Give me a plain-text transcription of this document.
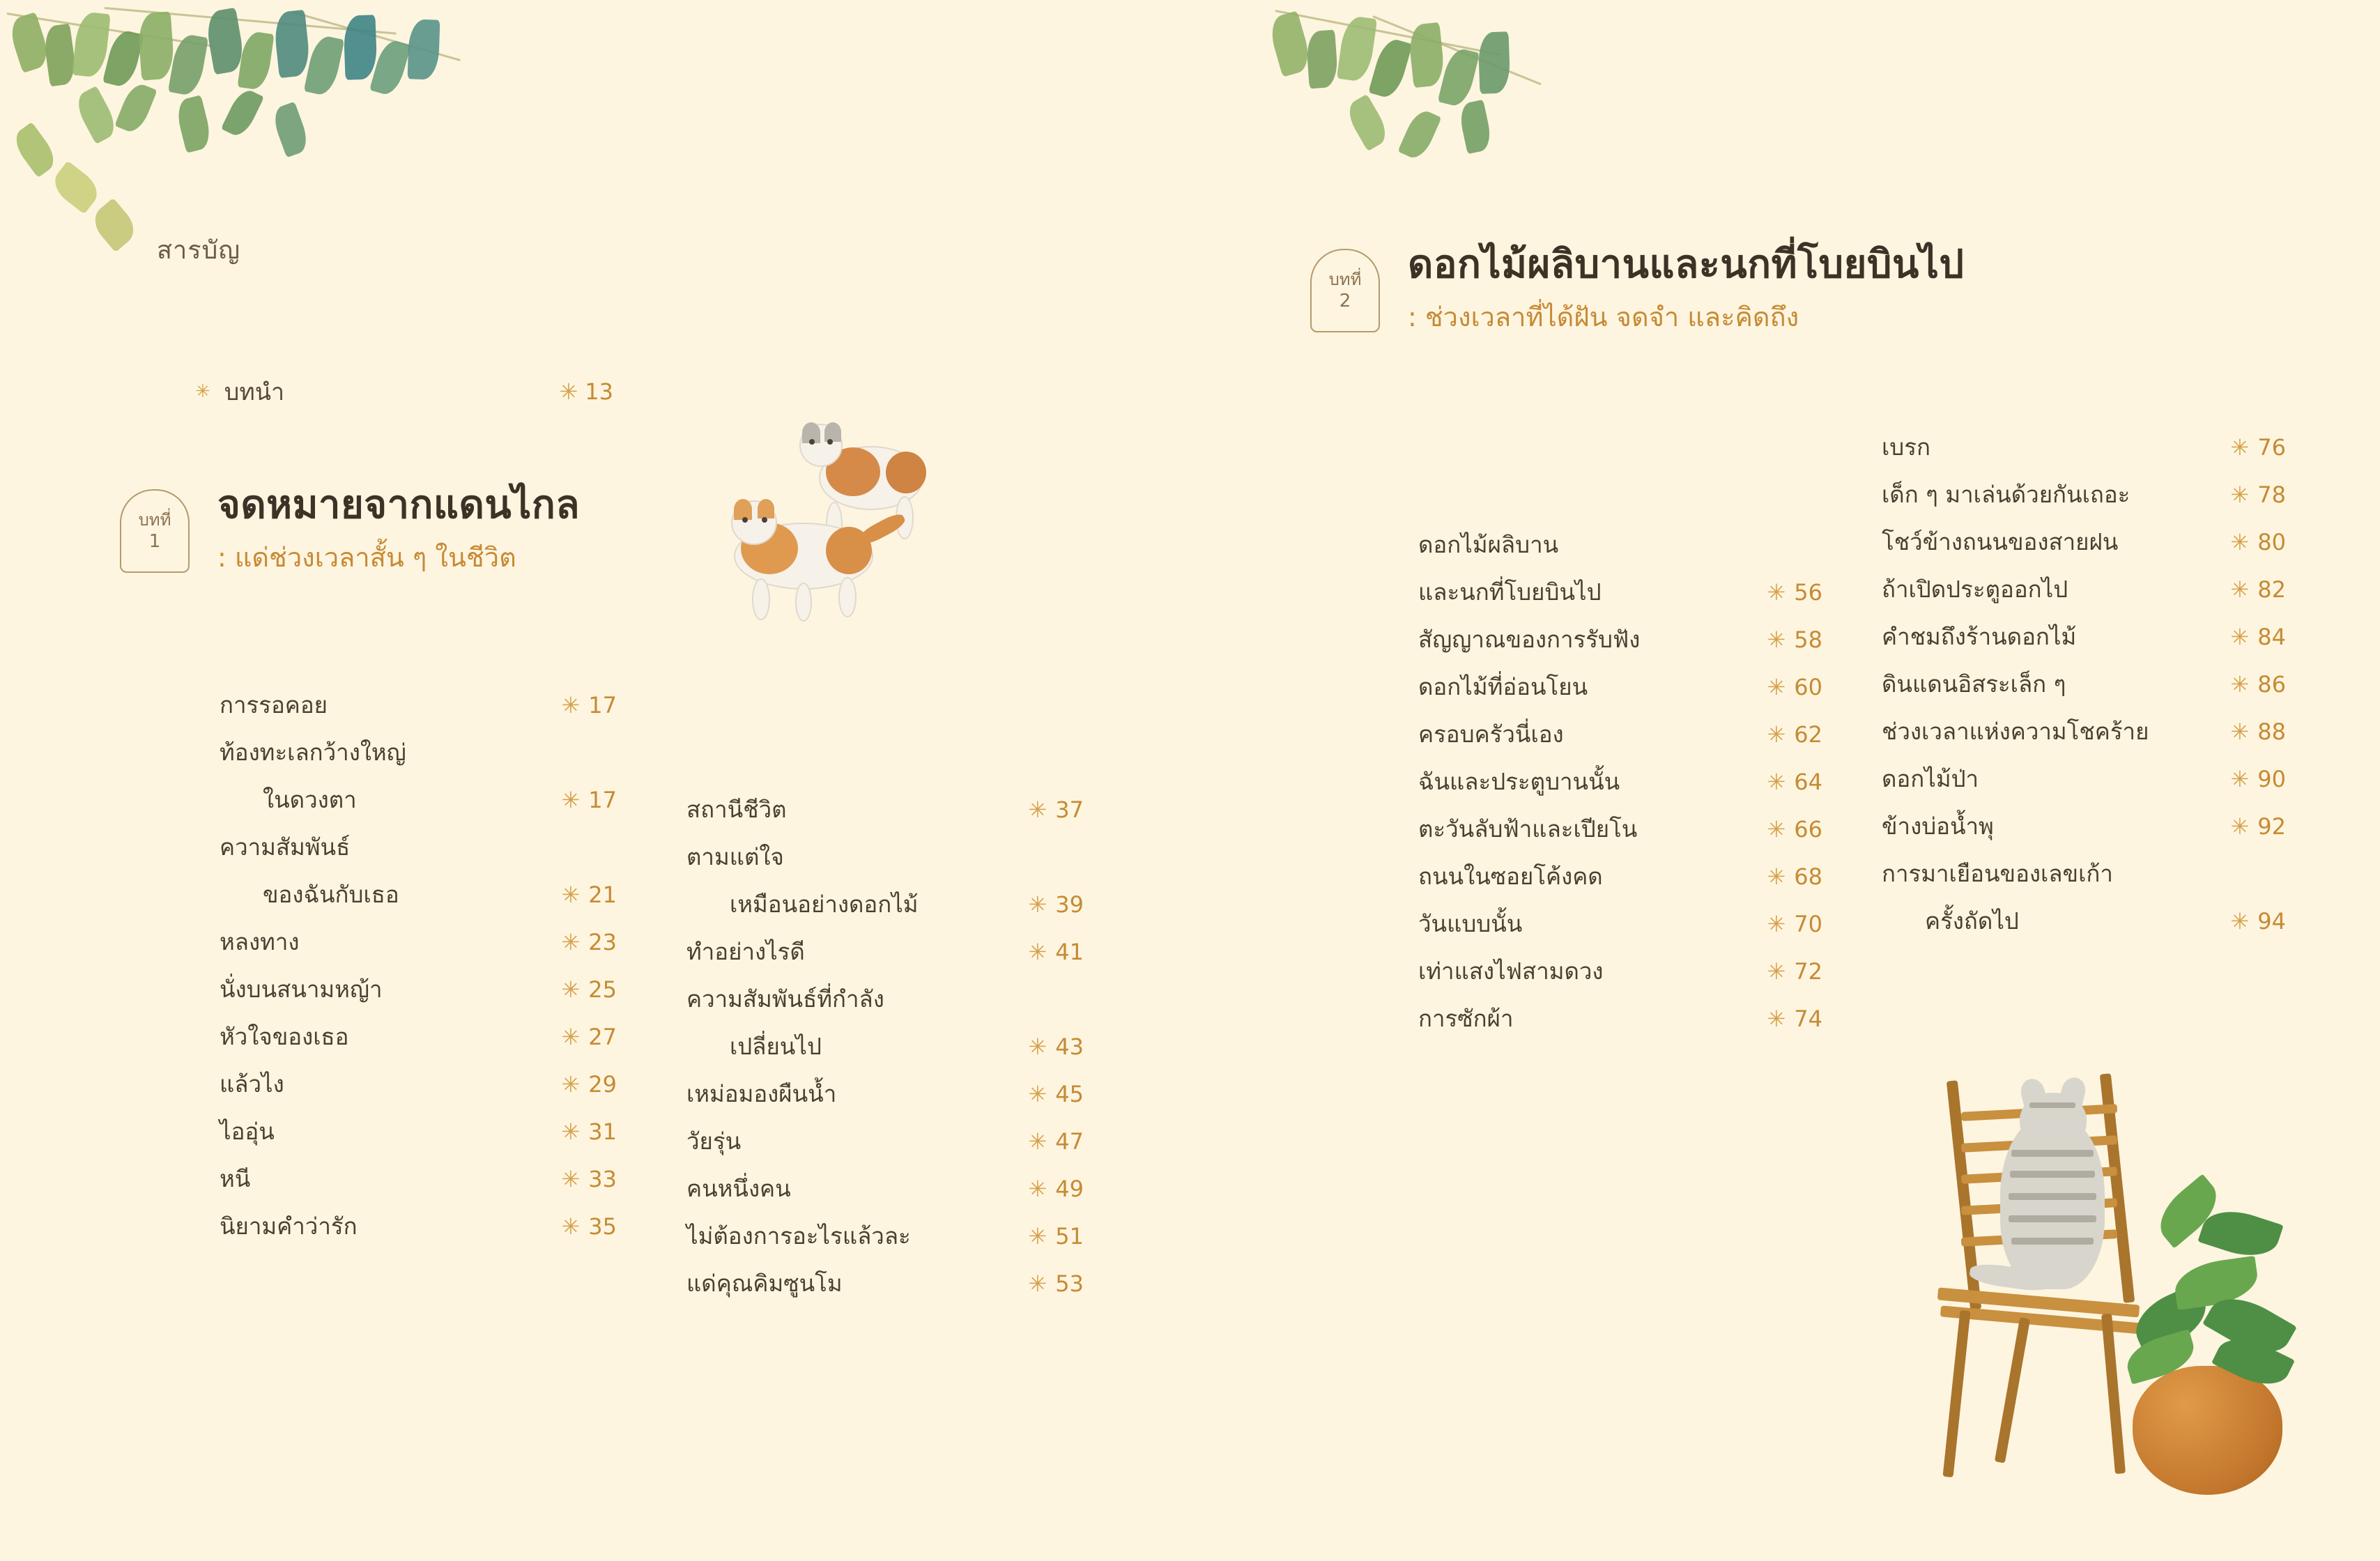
สารบัญ
✳ บทนำ	✳ 13
บทที่
1
จดหมายจากแดนไกล
: แด่ช่วงเวลาสั้น ๆ ในชีวิต
การรอคอย	✳ 17
ท้องทะเลกว้างใหญ่
ในดวงตา	✳ 17
ความสัมพันธ์
ของฉันกับเธอ	✳ 21
หลงทาง	✳ 23
นั่งบนสนามหญ้า	✳ 25
หัวใจของเธอ	✳ 27
แล้วไง	✳ 29
ไออุ่น	✳ 31
หนี	✳ 33
นิยามคำว่ารัก	✳ 35
สถานีชีวิต	✳ 37
ตามแต่ใจ
เหมือนอย่างดอกไม้	✳ 39
ทำอย่างไรดี	✳ 41
ความสัมพันธ์ที่กำลัง
เปลี่ยนไป	✳ 43
เหม่อมองผืนน้ำ	✳ 45
วัยรุ่น	✳ 47
คนหนึ่งคน	✳ 49
ไม่ต้องการอะไรแล้วละ	✳ 51
แด่คุณคิมซูนโม	✳ 53
บทที่
2
ดอกไม้ผลิบานและนกที่โบยบินไป
: ช่วงเวลาที่ได้ฝัน จดจำ และคิดถึง
ดอกไม้ผลิบาน
และนกที่โบยบินไป	✳ 56
สัญญาณของการรับฟัง	✳ 58
ดอกไม้ที่อ่อนโยน	✳ 60
ครอบครัวนี่เอง	✳ 62
ฉันและประตูบานนั้น	✳ 64
ตะวันลับฟ้าและเปียโน	✳ 66
ถนนในซอยโค้งคด	✳ 68
วันแบบนั้น	✳ 70
เท่าแสงไฟสามดวง	✳ 72
การซักผ้า	✳ 74
เบรก	✳ 76
เด็ก ๆ มาเล่นด้วยกันเถอะ	✳ 78
โชว์ข้างถนนของสายฝน	✳ 80
ถ้าเปิดประตูออกไป	✳ 82
คำชมถึงร้านดอกไม้	✳ 84
ดินแดนอิสระเล็ก ๆ	✳ 86
ช่วงเวลาแห่งความโชคร้าย	✳ 88
ดอกไม้ป่า	✳ 90
ข้างบ่อน้ำพุ	✳ 92
การมาเยือนของเลขเก้า
ครั้งถัดไป	✳ 94
